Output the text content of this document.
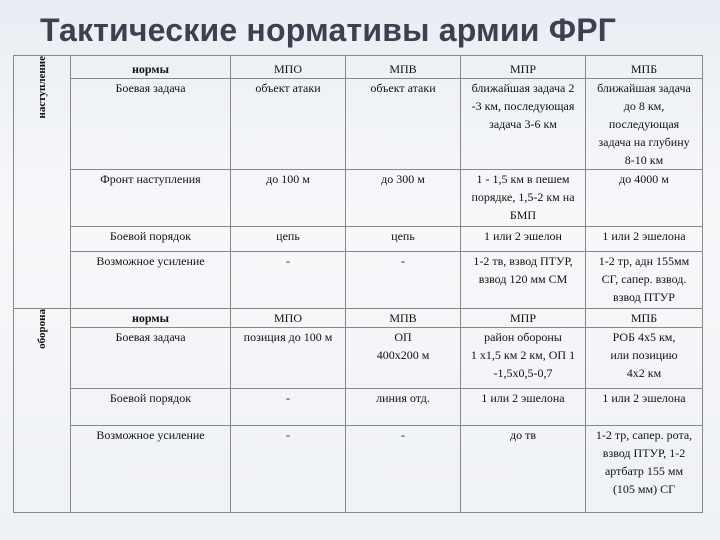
Тактические нормативы армии ФРГ
наступление	нормы	МПО	МПВ	МПР	МПБ
	Боевая задача	объект атаки	объект атаки	ближайшая задача 2
-3 км, последующая
задача 3-6 км	ближайшая задача
до 8 км,
последующая
задача на глубину
8-10 км

	Фронт наступления	до 100 м	до 300 м	1 - 1,5 км в пешем
порядке, 1,5-2 км на
БМП	до 4000 м

	Боевой порядок	цепь	цепь	1 или 2 эшелон	1 или 2 эшелона

	Возможное усиление	-	-	1-2 тв, взвод ПТУР,
взвод 120 мм СМ	1-2 тр, адн 155мм
СГ, сапер. взвод.
взвод ПТУР

оборона	нормы	МПО	МПВ	МПР	МПБ
	Боевая задача	позиция до 100 м	ОП
400х200 м	район обороны
1 х1,5 км 2 км, ОП 1
-1,5х0,5-0,7	РОБ 4х5 км,
или позицию
4х2 км

	Боевой порядок	-	линия отд.	1 или 2 эшелона	1 или 2 эшелона

	Возможное усиление	-	-	до тв	1-2 тр, сапер. рота,
взвод ПТУР, 1-2
артбатр 155 мм
(105 мм) СГ
